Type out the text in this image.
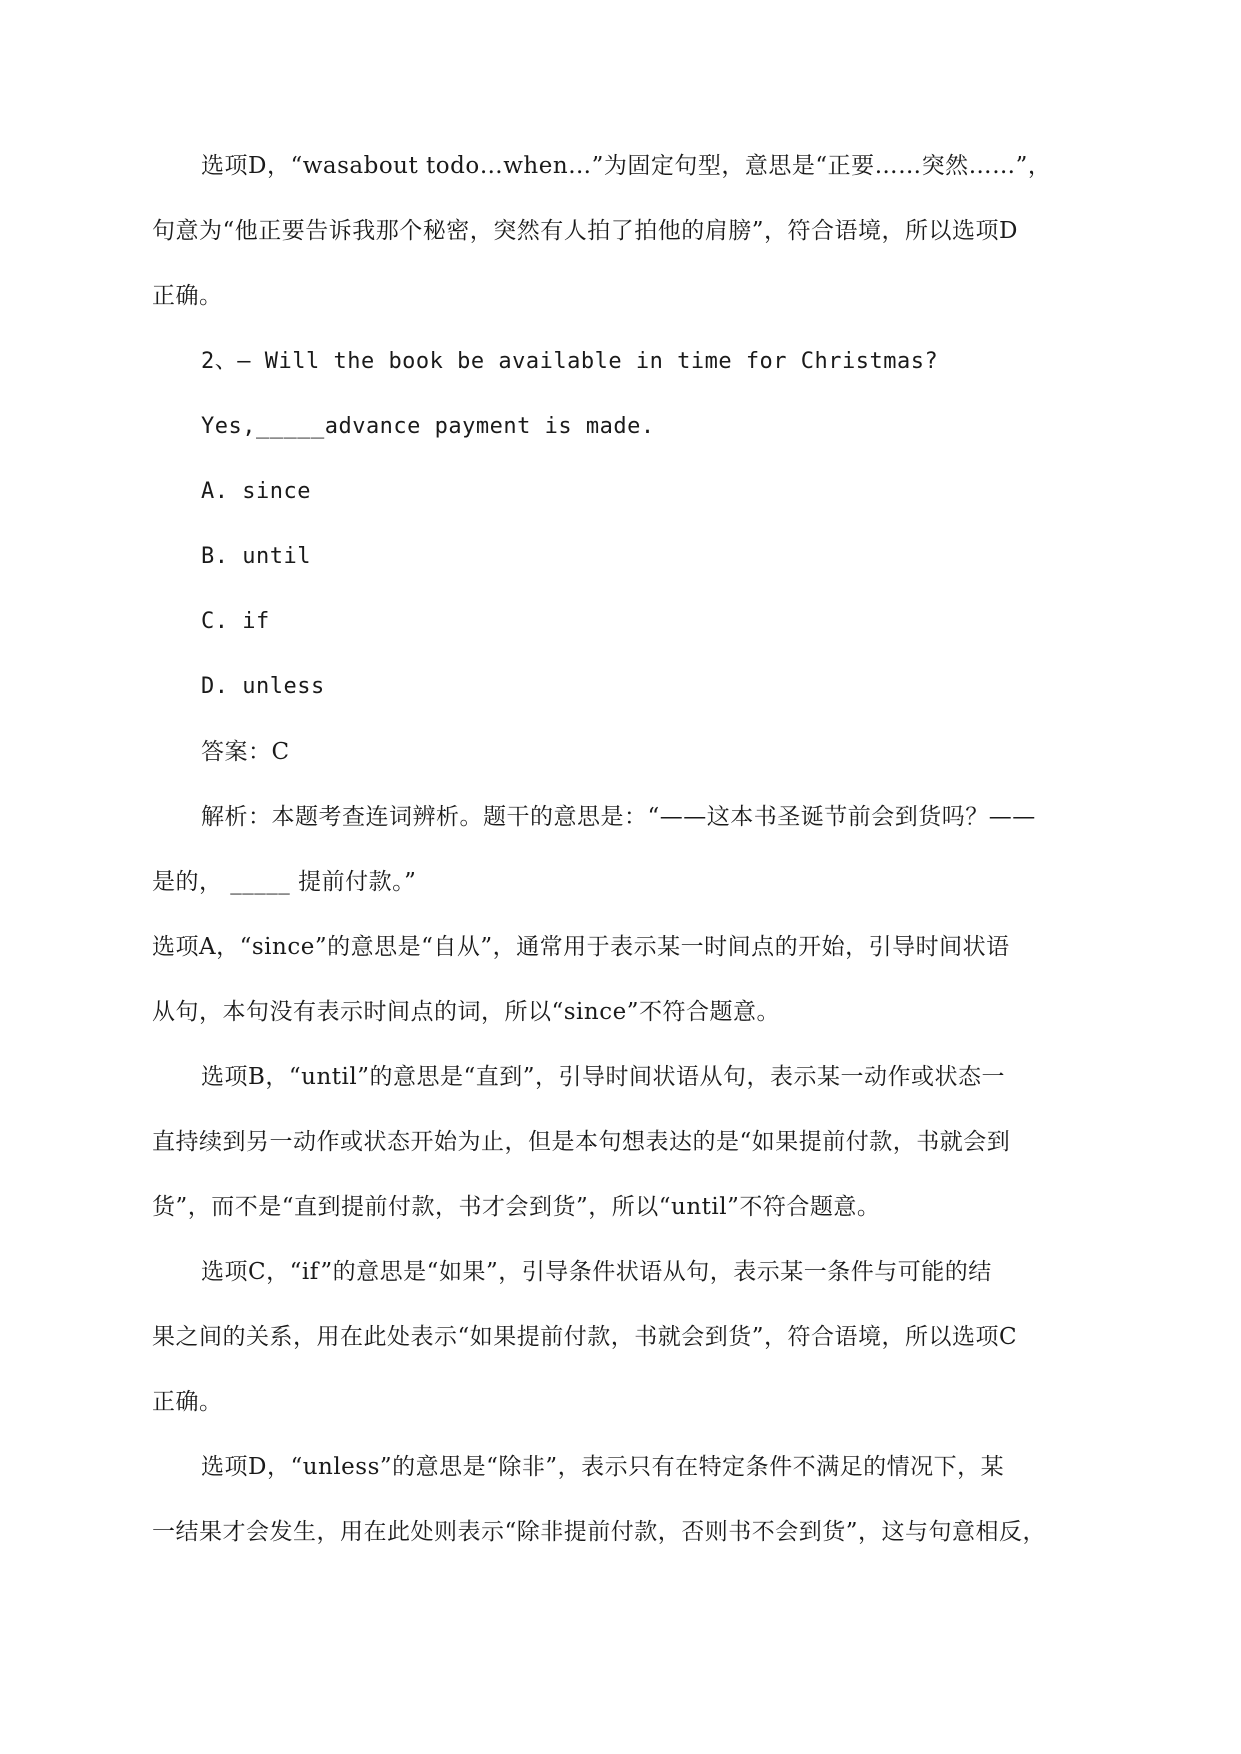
选项D，“wasabout todo…when…”为固定句型，意思是“正要……突然……”，
句意为“他正要告诉我那个秘密，突然有人拍了拍他的肩膀”，符合语境，所以选项D
正确。
2、— Will the book be available in time for Christmas?
Yes,_____advance payment is made.
A. since
B. until
C. if
D. unless
答案：C
解析：本题考查连词辨析。题干的意思是：“——这本书圣诞节前会到货吗？——
是的， _____ 提前付款。”
选项A，“since”的意思是“自从”，通常用于表示某一时间点的开始，引导时间状语
从句，本句没有表示时间点的词，所以“since”不符合题意。
选项B，“until”的意思是“直到”，引导时间状语从句，表示某一动作或状态一
直持续到另一动作或状态开始为止，但是本句想表达的是“如果提前付款，书就会到
货”，而不是“直到提前付款，书才会到货”，所以“until”不符合题意。
选项C，“if”的意思是“如果”，引导条件状语从句，表示某一条件与可能的结
果之间的关系，用在此处表示“如果提前付款，书就会到货”，符合语境，所以选项C
正确。
选项D，“unless”的意思是“除非”，表示只有在特定条件不满足的情况下，某
一结果才会发生，用在此处则表示“除非提前付款，否则书不会到货”，这与句意相反，
